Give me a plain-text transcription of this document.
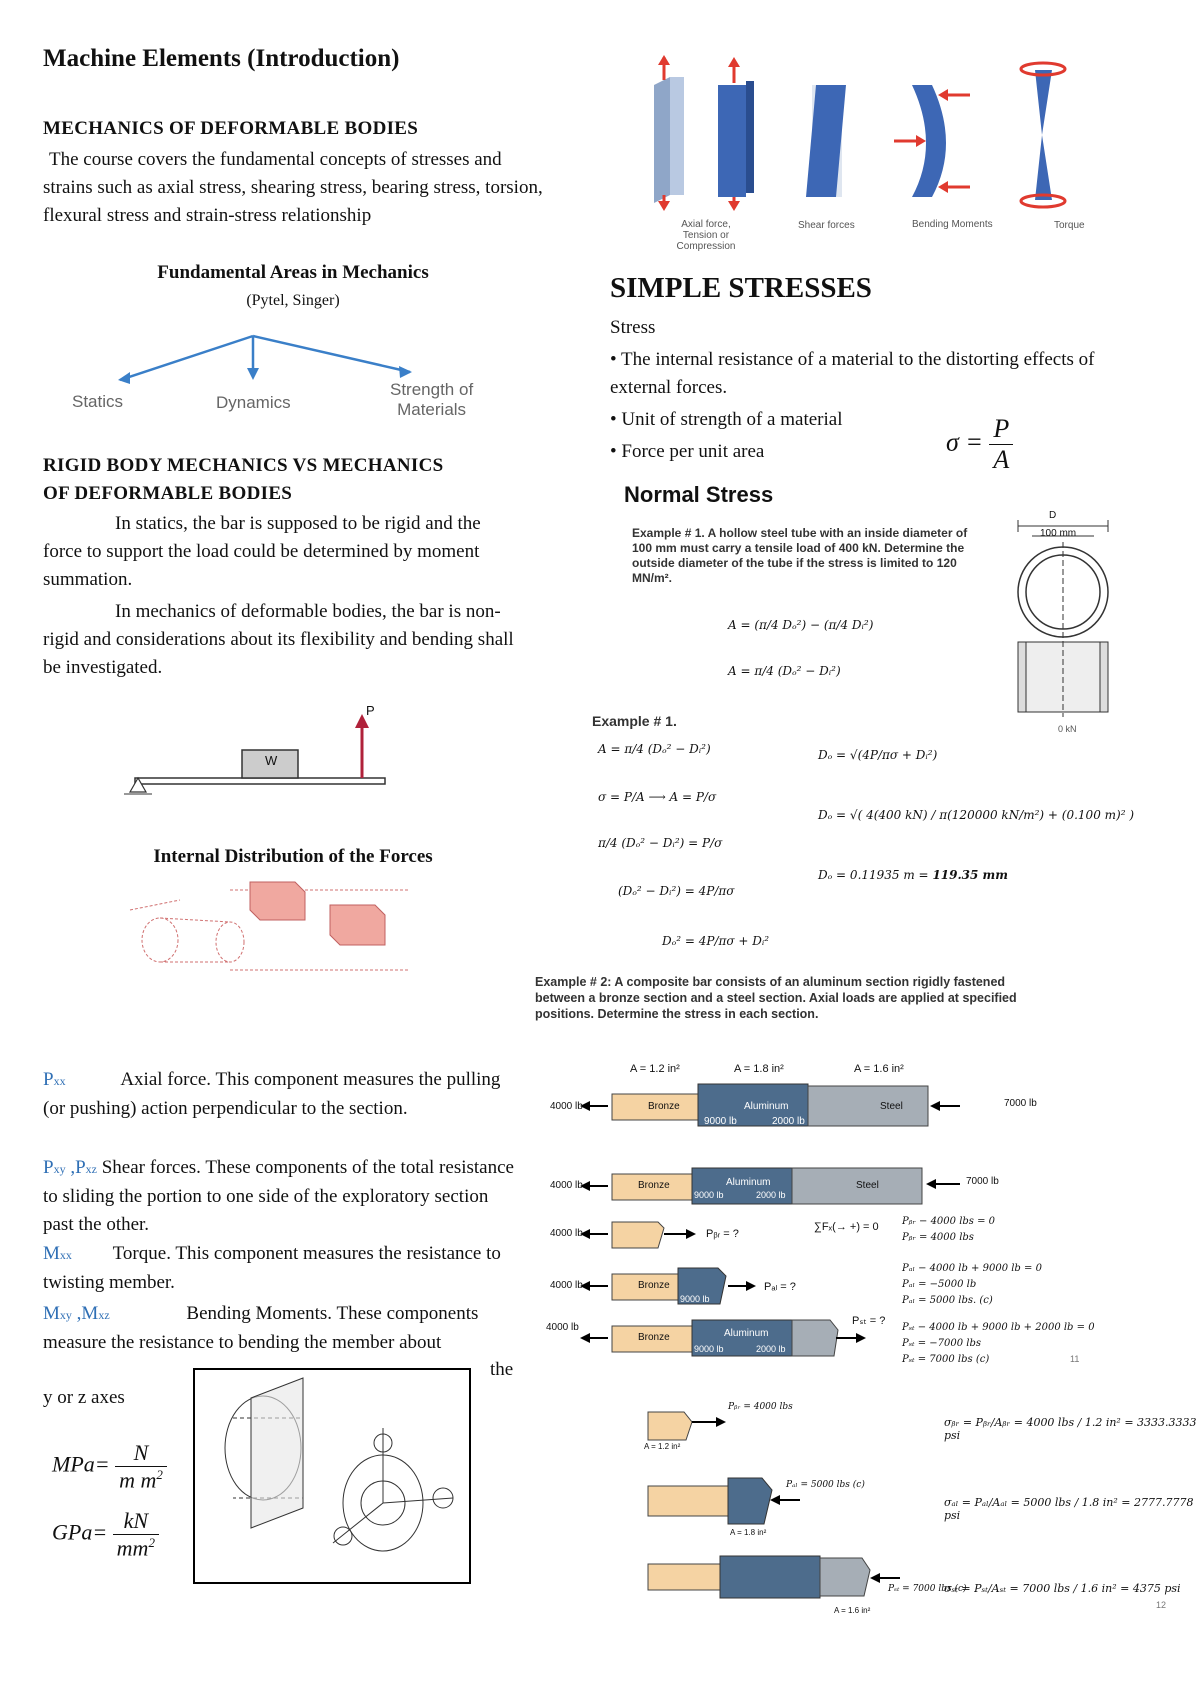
Machine Elements (Introduction)
MECHANICS OF DEFORMABLE BODIES
The course covers the fundamental concepts of stresses and strains such as axial stress, shearing stress, bearing stress, torsion, flexural stress and strain-stress relationship
Fundamental Areas in Mechanics
(Pytel, Singer)
Statics	Dynamics
Strength of
Materials
RIGID BODY MECHANICS VS MECHANICS
OF DEFORMABLE BODIES
In statics, the bar is supposed to be rigid and the force to support the load could be determined by moment summation.
In mechanics of deformable bodies, the bar is non-rigid and considerations about its flexibility and bending shall be investigated.
W
P
Internal Distribution of the Forces
Pxx	Axial force. This component measures the pulling (or pushing) action perpendicular to the section.
Pxy ,Pxz Shear forces. These components of the total resistance to sliding the portion to one side of the exploratory section past the other.
Mxx Torque. This component measures the resistance to twisting member.
Mxy ,Mxz	Bending Moments. These components measure the resistance to bending the member about
the
y or z axes
$MPa= \frac{N}{m m^2}$
$GPa= \frac{kN}{mm^2}$
Axial force,
Tension or Compression
Shear forces	Bending Moments	Torque
SIMPLE STRESSES
Stress
• The internal resistance of a material to the distorting effects of external forces.
• Unit of strength of a material
• Force per unit area	$\sigma = \frac{P}{A}$
Normal Stress
Example # 1. A hollow steel tube with an inside diameter of 100 mm must carry a tensile load of 400 kN. Determine the outside diameter of the tube if the stress is limited to 120 MN/m².
A = (π/4 Dₒ²) − (π/4 Dᵢ²)
A = π/4 (Dₒ² − Dᵢ²)
D
100 mm
0 kN
Example # 1.
A = π/4 (Dₒ² − Dᵢ²)
σ = P/A ⟶ A = P/σ
π/4 (Dₒ² − Dᵢ²) = P/σ
(Dₒ² − Dᵢ²) = 4P/πσ
Dₒ² = 4P/πσ + Dᵢ²
Dₒ = √(4P/πσ + Dᵢ²)
Dₒ = √( 4(400 kN) / π(120000 kN/m²) + (0.100 m)² )
Dₒ = 0.11935 m = 119.35 mm
Example # 2: A composite bar consists of an aluminum section rigidly fastened between a bronze section and a steel section. Axial loads are applied at specified positions. Determine the stress in each section.
A = 1.2 in²	A = 1.8 in²	A = 1.6 in²
4000 lb	Bronze	Aluminum	Steel	7000 lb
9000 lb	2000 lb
4000 lb	Bronze	Aluminum	Steel	7000 lb
9000 lb	2000 lb
4000 lb	Pᵦᵣ = ?
∑Fₓ(→ +) = 0 Pᵦᵣ − 4000 lbs = 0
Pᵦᵣ = 4000 lbs
4000 lb	Bronze
9000 lb
Pₐₗ = ?
Pₐₗ − 4000 lb + 9000 lb = 0
Pₐₗ = −5000 lb
Pₐₗ = 5000 lbs. (c)
4000 lb
Bronze	Aluminum
9000 lb	2000 lb
Pₛₜ = ?
Pₛₜ − 4000 lb + 9000 lb + 2000 lb = 0
Pₛₜ = −7000 lbs
Pₛₜ = 7000 lbs (c)	11
Pᵦᵣ = 4000 lbs
A = 1.2 in²
Pₐₗ = 5000 lbs (c)
A = 1.8 in²
Pₛₜ = 7000 lbs (c)
A = 1.6 in²
σᵦᵣ = Pᵦᵣ/Aᵦᵣ = 4000 lbs / 1.2 in² = 3333.3333 psi
σₐₗ = Pₐₗ/Aₐₗ = 5000 lbs / 1.8 in² = 2777.7778 psi
σₛₜ = Pₛₜ/Aₛₜ = 7000 lbs / 1.6 in² = 4375 psi
12
